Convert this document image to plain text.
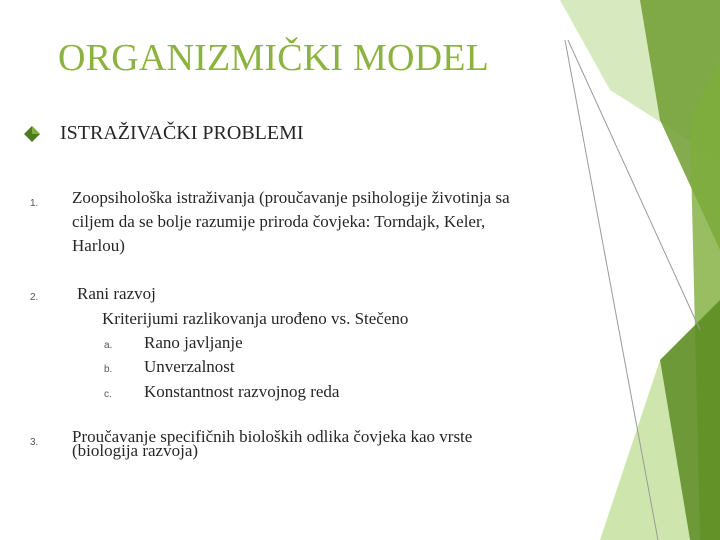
ORGANIZMIČKI MODEL
ISTRAŽIVAČKI PROBLEMI
1. Zoopsihološka istraživanja (proučavanje psihologije životinja sa
ciljem da se bolje razumije priroda čovjeka: Torndajk, Keler,
Harlou)
2. Rani razvoj
Kriterijumi razlikovanja urođeno vs. Stečeno
a. Rano javljanje
b. Unverzalnost
c. Konstantnost razvojnog reda
3. Proučavanje specifičnih bioloških odlika čovjeka kao vrste
(biologija razvoja)
